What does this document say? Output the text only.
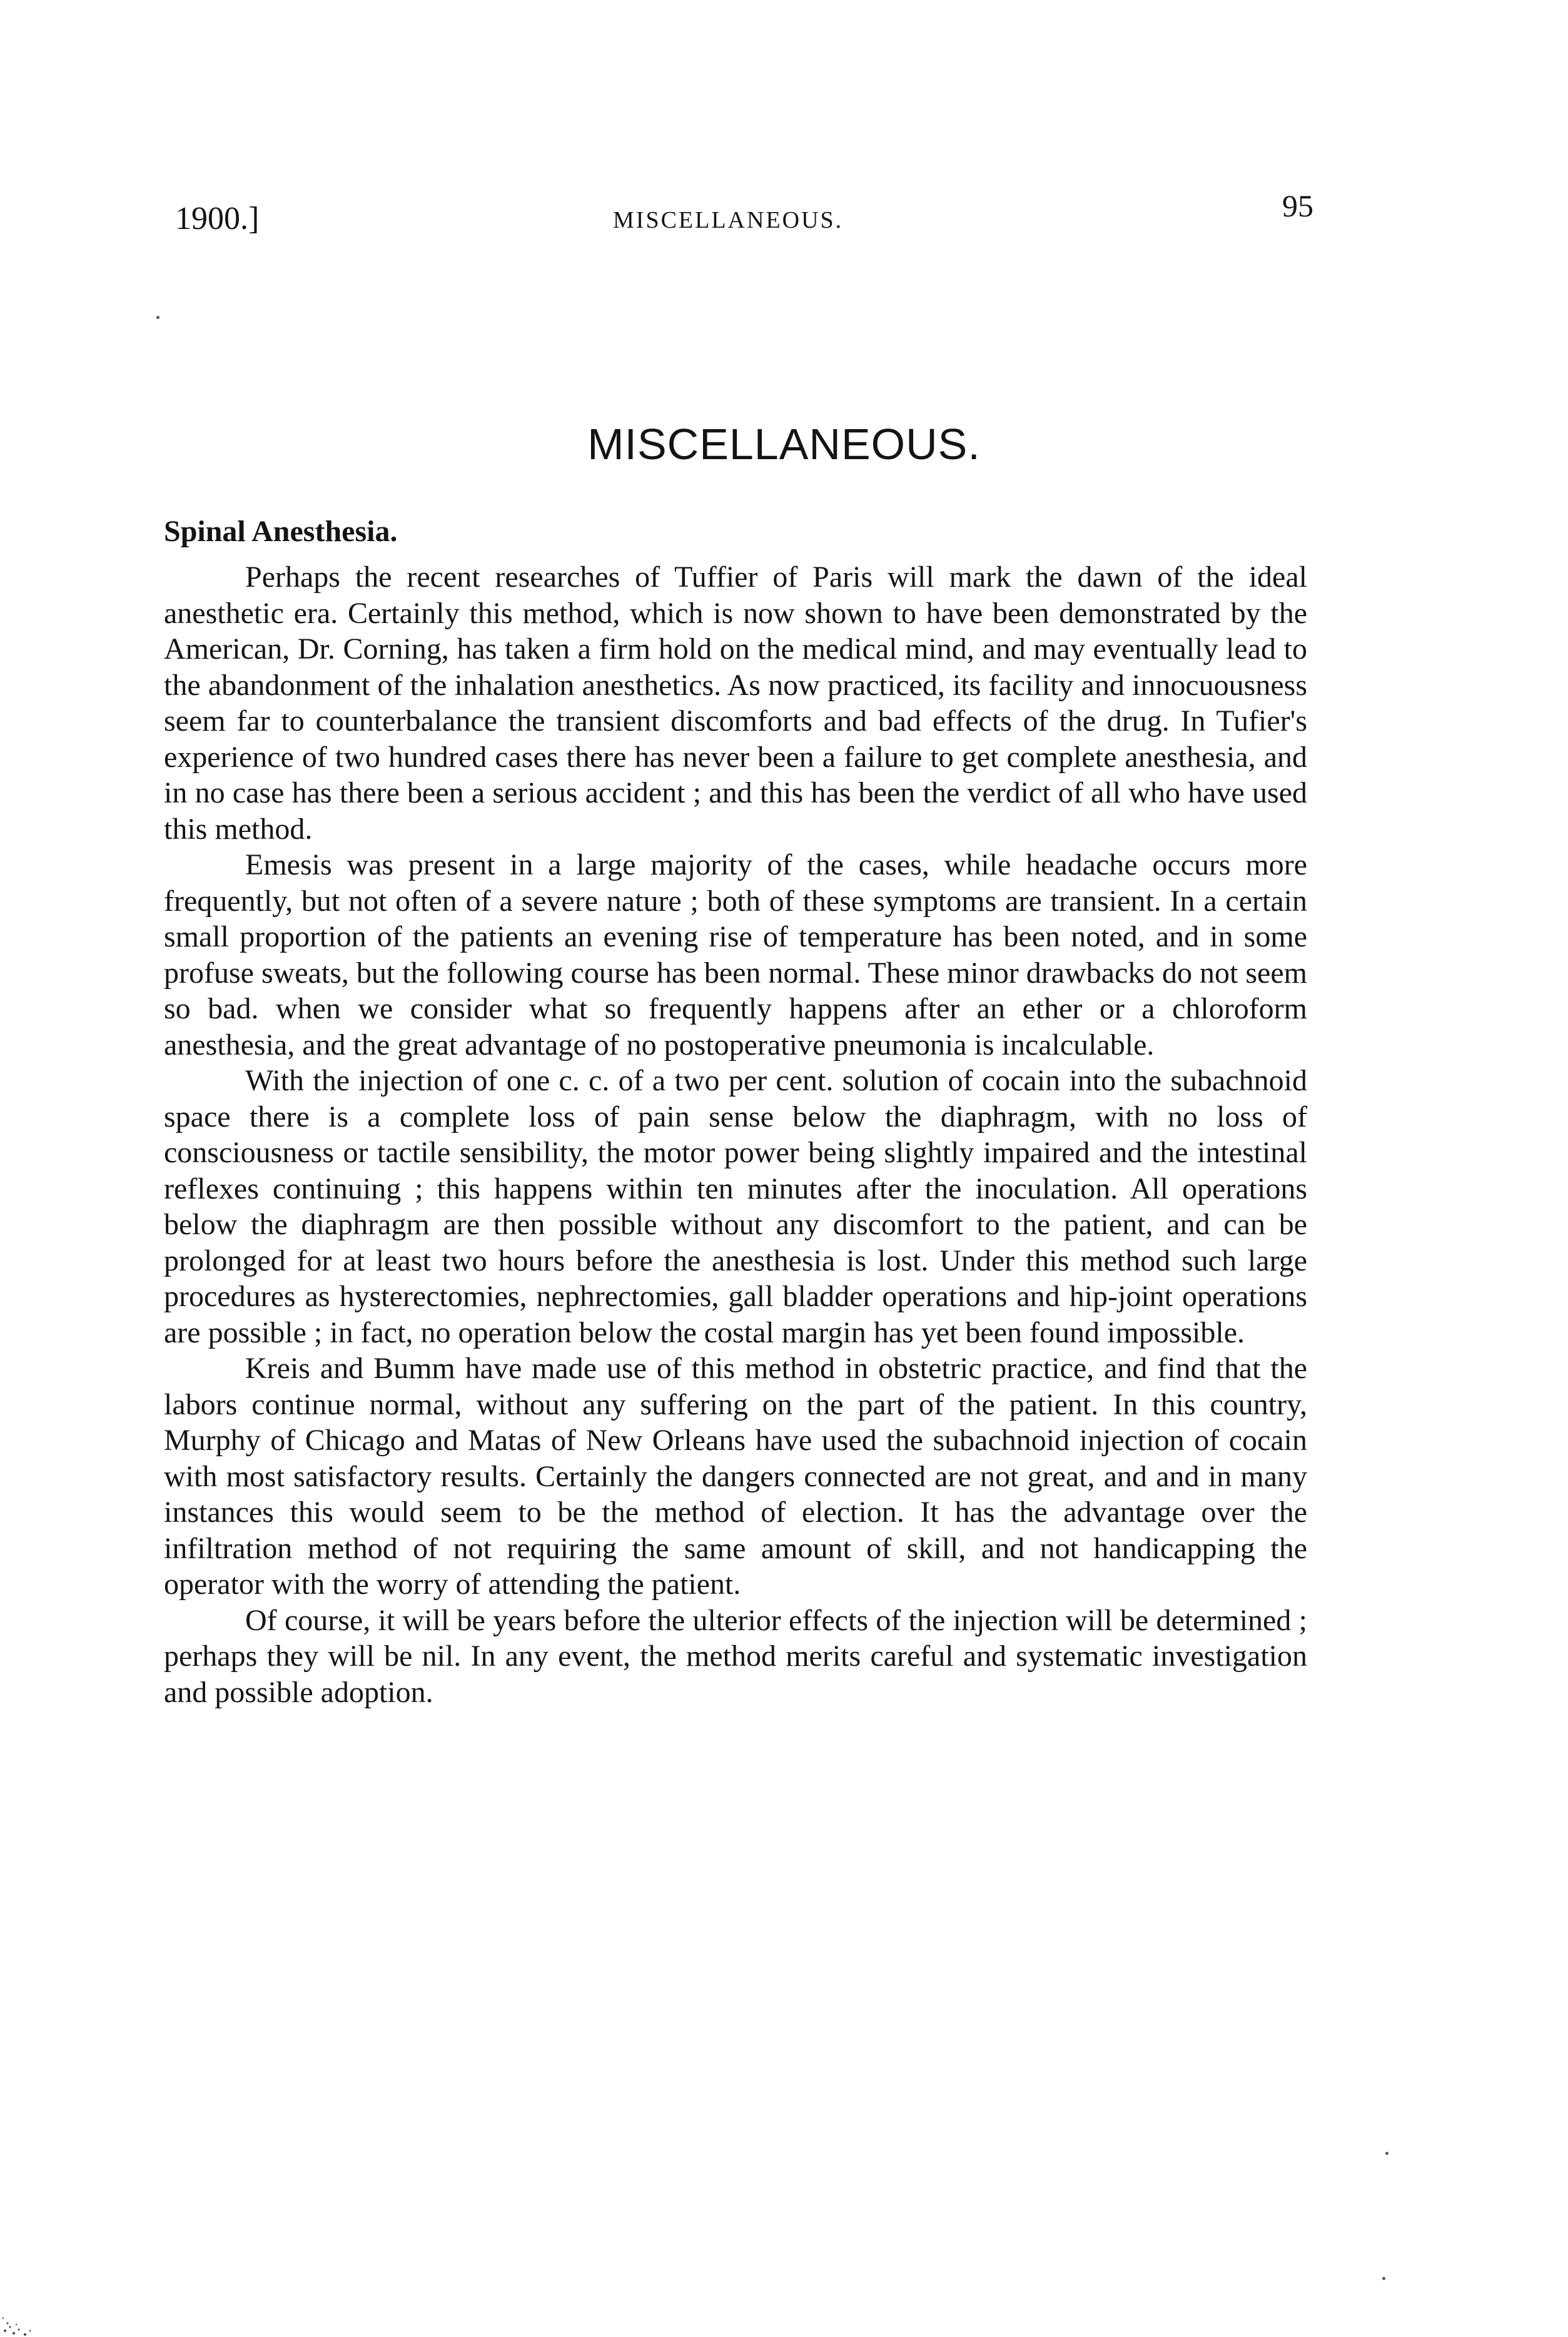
1900.]	MISCELLANEOUS.	95
MISCELLANEOUS.
Spinal Anesthesia.

Perhaps the recent researches of Tuffier of Paris will mark the dawn of the ideal anesthetic era. Certainly this method, which is now shown to have been demonstrated by the American, Dr. Corning, has taken a firm hold on the medical mind, and may eventually lead to the abandonment of the inhalation anesthetics. As now practiced, its facility and innocuousness seem far to counterbalance the transient discomforts and bad effects of the drug. In Tufier's experience of two hundred cases there has never been a failure to get complete anesthesia, and in no case has there been a serious accident ; and this has been the verdict of all who have used this method.

Emesis was present in a large majority of the cases, while headache occurs more frequently, but not often of a severe nature ; both of these symptoms are transient. In a certain small proportion of the patients an evening rise of temperature has been noted, and in some profuse sweats, but the following course has been normal. These minor drawbacks do not seem so bad. when we consider what so frequently happens after an ether or a chloroform anesthesia, and the great advantage of no postoperative pneumonia is incalculable.

With the injection of one c. c. of a two per cent. solution of cocain into the subachnoid space there is a complete loss of pain sense below the diaphragm, with no loss of consciousness or tactile sensibility, the motor power being slightly impaired and the intestinal reflexes continuing ; this happens within ten minutes after the inoculation. All operations below the diaphragm are then possible without any discomfort to the patient, and can be prolonged for at least two hours before the anesthesia is lost. Under this method such large procedures as hysterectomies, nephrectomies, gall bladder operations and hip-joint operations are possible ; in fact, no operation below the costal margin has yet been found impossible.

Kreis and Bumm have made use of this method in obstetric practice, and find that the labors continue normal, without any suffering on the part of the patient. In this country, Murphy of Chicago and Matas of New Orleans have used the subachnoid injection of cocain with most satisfactory results. Certainly the dangers connected are not great, and and in many instances this would seem to be the method of election. It has the advantage over the infiltration method of not requiring the same amount of skill, and not handicapping the operator with the worry of attending the patient.

Of course, it will be years before the ulterior effects of the injection will be determined ; perhaps they will be nil. In any event, the method merits careful and systematic investigation and possible adoption.
